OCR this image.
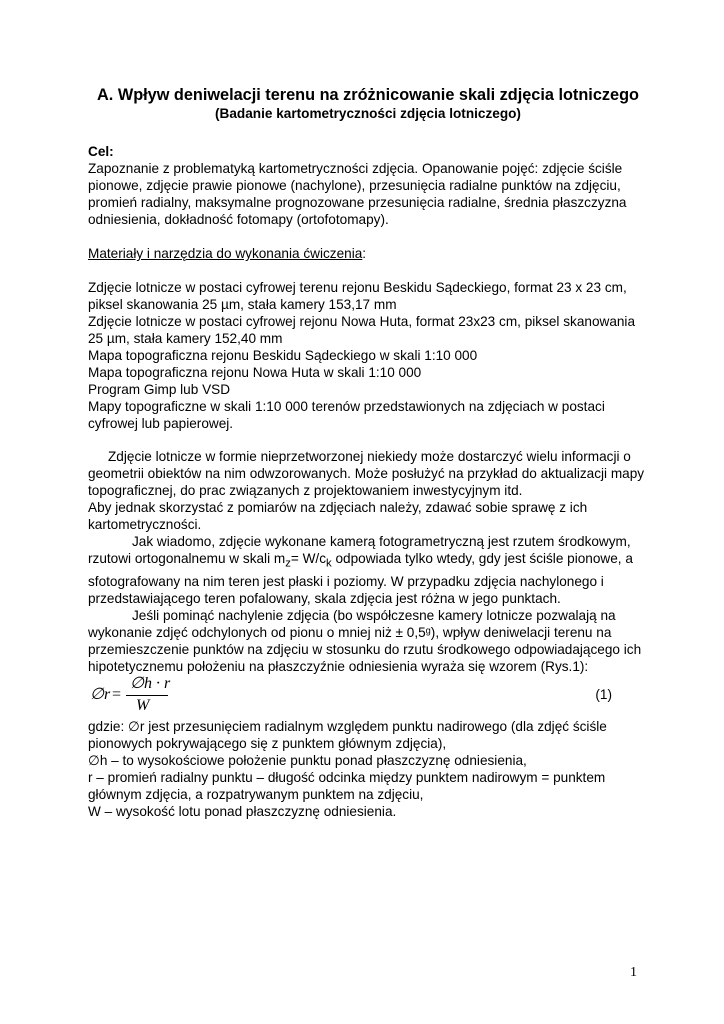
A. Wpływ deniwelacji terenu na zróżnicowanie skali zdjęcia lotniczego

(Badanie kartometryczności zdjęcia lotniczego)

Cel:

Zapoznanie z problematyką kartometryczności zdjęcia. Opanowanie pojęć: zdjęcie ściśle pionowe, zdjęcie prawie pionowe (nachylone), przesunięcia radialne punktów na zdjęciu, promień radialny, maksymalne prognozowane przesunięcia radialne, średnia płaszczyzna odniesienia, dokładność fotomapy (ortofotomapy).

Materiały i narzędzia do wykonania ćwiczenia:

Zdjęcie lotnicze w postaci cyfrowej terenu rejonu Beskidu Sądeckiego, format 23 x 23 cm, piksel skanowania 25 µm, stała kamery 153,17 mm

Zdjęcie lotnicze w postaci cyfrowej rejonu Nowa Huta, format 23x23 cm, piksel skanowania 25 µm, stała kamery 152,40 mm

Mapa topograficzna rejonu Beskidu Sądeckiego w skali 1:10 000

Mapa topograficzna rejonu Nowa Huta w skali 1:10 000

Program Gimp lub VSD

Mapy topograficzne w skali 1:10 000 terenów przedstawionych na zdjęciach w postaci cyfrowej lub papierowej.

Zdjęcie lotnicze w formie nieprzetworzonej niekiedy może dostarczyć wielu informacji o geometrii obiektów na nim odwzorowanych. Może posłużyć na przykład do aktualizacji mapy topograficznej, do prac związanych z projektowaniem inwestycyjnym itd.

Aby jednak skorzystać z pomiarów na zdjęciach należy, zdawać sobie sprawę z ich kartometryczności.

Jak wiadomo, zdjęcie wykonane kamerą fotogrametryczną jest rzutem środkowym, rzutowi ortogonalnemu w skali $m_z= W/c_k$ odpowiada tylko wtedy, gdy jest ściśle pionowe, a sfotografowany na nim teren jest płaski i poziomy. W przypadku zdjęcia nachylonego i przedstawiającego teren pofalowany, skala zdjęcia jest różna w jego punktach.

Jeśli pominąć nachylenie zdjęcia (bo współczesne kamery lotnicze pozwalają na wykonanie zdjęć odchylonych od pionu o mniej niż ± 0,5ᵍ), wpływ deniwelacji terenu na przemieszczenie punktów na zdjęciu w stosunku do rzutu środkowego odpowiadającego ich hipotetycznemu położeniu na płaszczyźnie odniesienia wyraża się wzorem (Rys.1):

∅r =
∅h · r
W
(1)

gdzie: ∅r jest przesunięciem radialnym względem punktu nadirowego (dla zdjęć ściśle pionowych pokrywającego się z punktem głównym zdjęcia),

∅h – to wysokościowe położenie punktu ponad płaszczyznę odniesienia,

r – promień radialny punktu – długość odcinka między punktem nadirowym = punktem głównym zdjęcia, a rozpatrywanym punktem na zdjęciu,

W – wysokość lotu ponad płaszczyznę odniesienia.

1
